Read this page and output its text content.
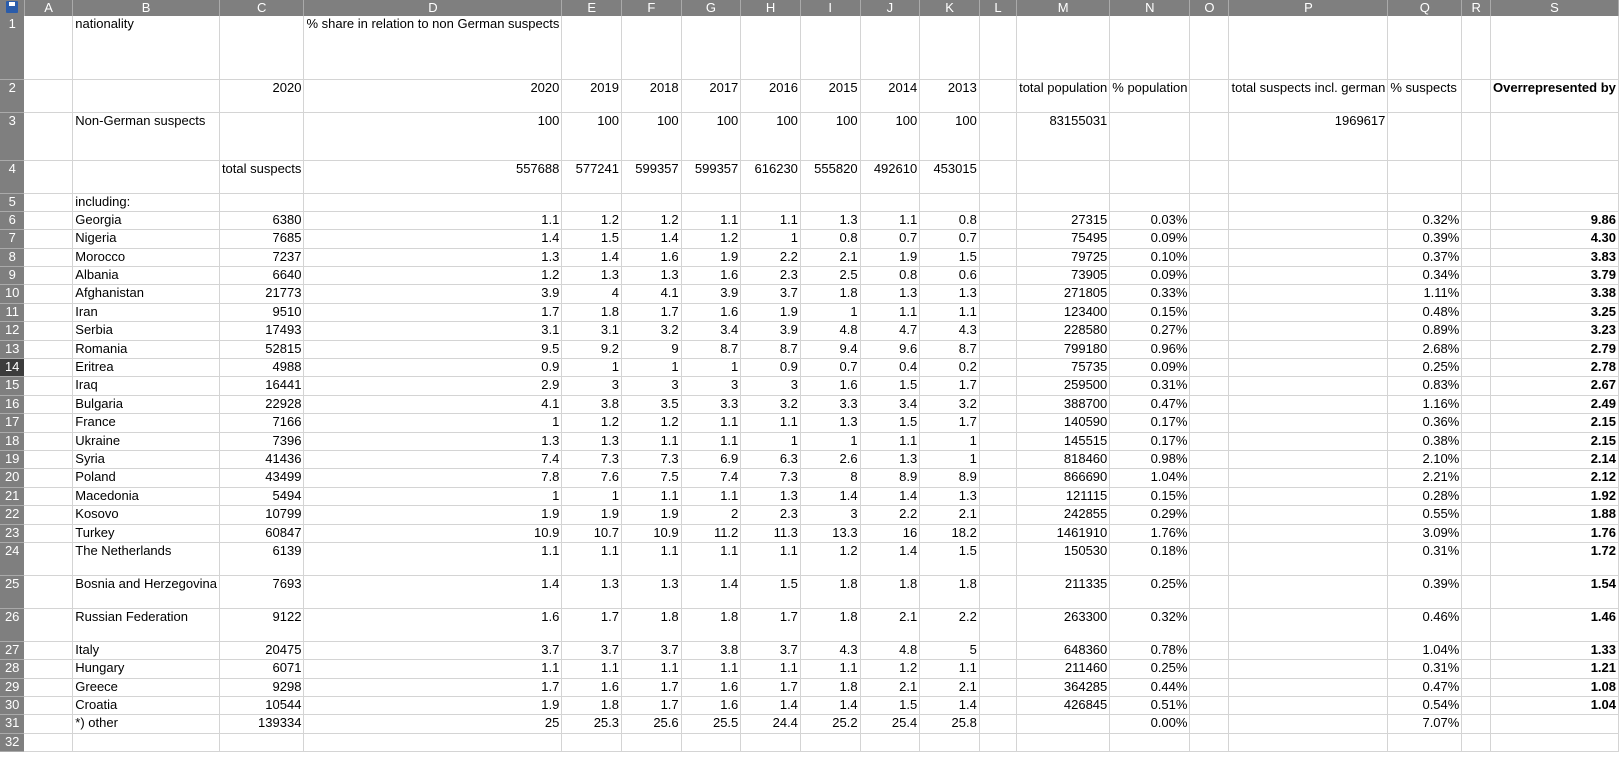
	A	B	C	D	E	F	G	H	I	J	K	L	M	N	O	P	Q	R	S
1		nationality		% share in relation to non German suspects															
2			2020	2020	2019	2018	2017	2016	2015	2014	2013		total population	% population		total suspects incl. german	% suspects		Overrepresented by
3		Non-German suspects		100	100	100	100	100	100	100	100		83155031			1969617			
4			total suspects	557688	577241	599357	599357	616230	555820	492610	453015								
5		including:																	
6		Georgia	6380	1.1	1.2	1.2	1.1	1.1	1.3	1.1	0.8		27315	0.03%			0.32%		9.86
7		Nigeria	7685	1.4	1.5	1.4	1.2	1	0.8	0.7	0.7		75495	0.09%			0.39%		4.30
8		Morocco	7237	1.3	1.4	1.6	1.9	2.2	2.1	1.9	1.5		79725	0.10%			0.37%		3.83
9		Albania	6640	1.2	1.3	1.3	1.6	2.3	2.5	0.8	0.6		73905	0.09%			0.34%		3.79
10		Afghanistan	21773	3.9	4	4.1	3.9	3.7	1.8	1.3	1.3		271805	0.33%			1.11%		3.38
11		Iran	9510	1.7	1.8	1.7	1.6	1.9	1	1.1	1.1		123400	0.15%			0.48%		3.25
12		Serbia	17493	3.1	3.1	3.2	3.4	3.9	4.8	4.7	4.3		228580	0.27%			0.89%		3.23
13		Romania	52815	9.5	9.2	9	8.7	8.7	9.4	9.6	8.7		799180	0.96%			2.68%		2.79
14		Eritrea	4988	0.9	1	1	1	0.9	0.7	0.4	0.2		75735	0.09%			0.25%		2.78
15		Iraq	16441	2.9	3	3	3	3	1.6	1.5	1.7		259500	0.31%			0.83%		2.67
16		Bulgaria	22928	4.1	3.8	3.5	3.3	3.2	3.3	3.4	3.2		388700	0.47%			1.16%		2.49
17		France	7166	1	1.2	1.2	1.1	1.1	1.3	1.5	1.7		140590	0.17%			0.36%		2.15
18		Ukraine	7396	1.3	1.3	1.1	1.1	1	1	1.1	1		145515	0.17%			0.38%		2.15
19		Syria	41436	7.4	7.3	7.3	6.9	6.3	2.6	1.3	1		818460	0.98%			2.10%		2.14
20		Poland	43499	7.8	7.6	7.5	7.4	7.3	8	8.9	8.9		866690	1.04%			2.21%		2.12
21		Macedonia	5494	1	1	1.1	1.1	1.3	1.4	1.4	1.3		121115	0.15%			0.28%		1.92
22		Kosovo	10799	1.9	1.9	1.9	2	2.3	3	2.2	2.1		242855	0.29%			0.55%		1.88
23		Turkey	60847	10.9	10.7	10.9	11.2	11.3	13.3	16	18.2		1461910	1.76%			3.09%		1.76
24		The Netherlands	6139	1.1	1.1	1.1	1.1	1.1	1.2	1.4	1.5		150530	0.18%			0.31%		1.72
25		Bosnia and Herzegovina	7693	1.4	1.3	1.3	1.4	1.5	1.8	1.8	1.8		211335	0.25%			0.39%		1.54
26		Russian Federation	9122	1.6	1.7	1.8	1.8	1.7	1.8	2.1	2.2		263300	0.32%			0.46%		1.46
27		Italy	20475	3.7	3.7	3.7	3.8	3.7	4.3	4.8	5		648360	0.78%			1.04%		1.33
28		Hungary	6071	1.1	1.1	1.1	1.1	1.1	1.1	1.2	1.1		211460	0.25%			0.31%		1.21
29		Greece	9298	1.7	1.6	1.7	1.6	1.7	1.8	2.1	2.1		364285	0.44%			0.47%		1.08
30		Croatia	10544	1.9	1.8	1.7	1.6	1.4	1.4	1.5	1.4		426845	0.51%			0.54%		1.04
31		*) other	139334	25	25.3	25.6	25.5	24.4	25.2	25.4	25.8			0.00%			7.07%		
32																			
